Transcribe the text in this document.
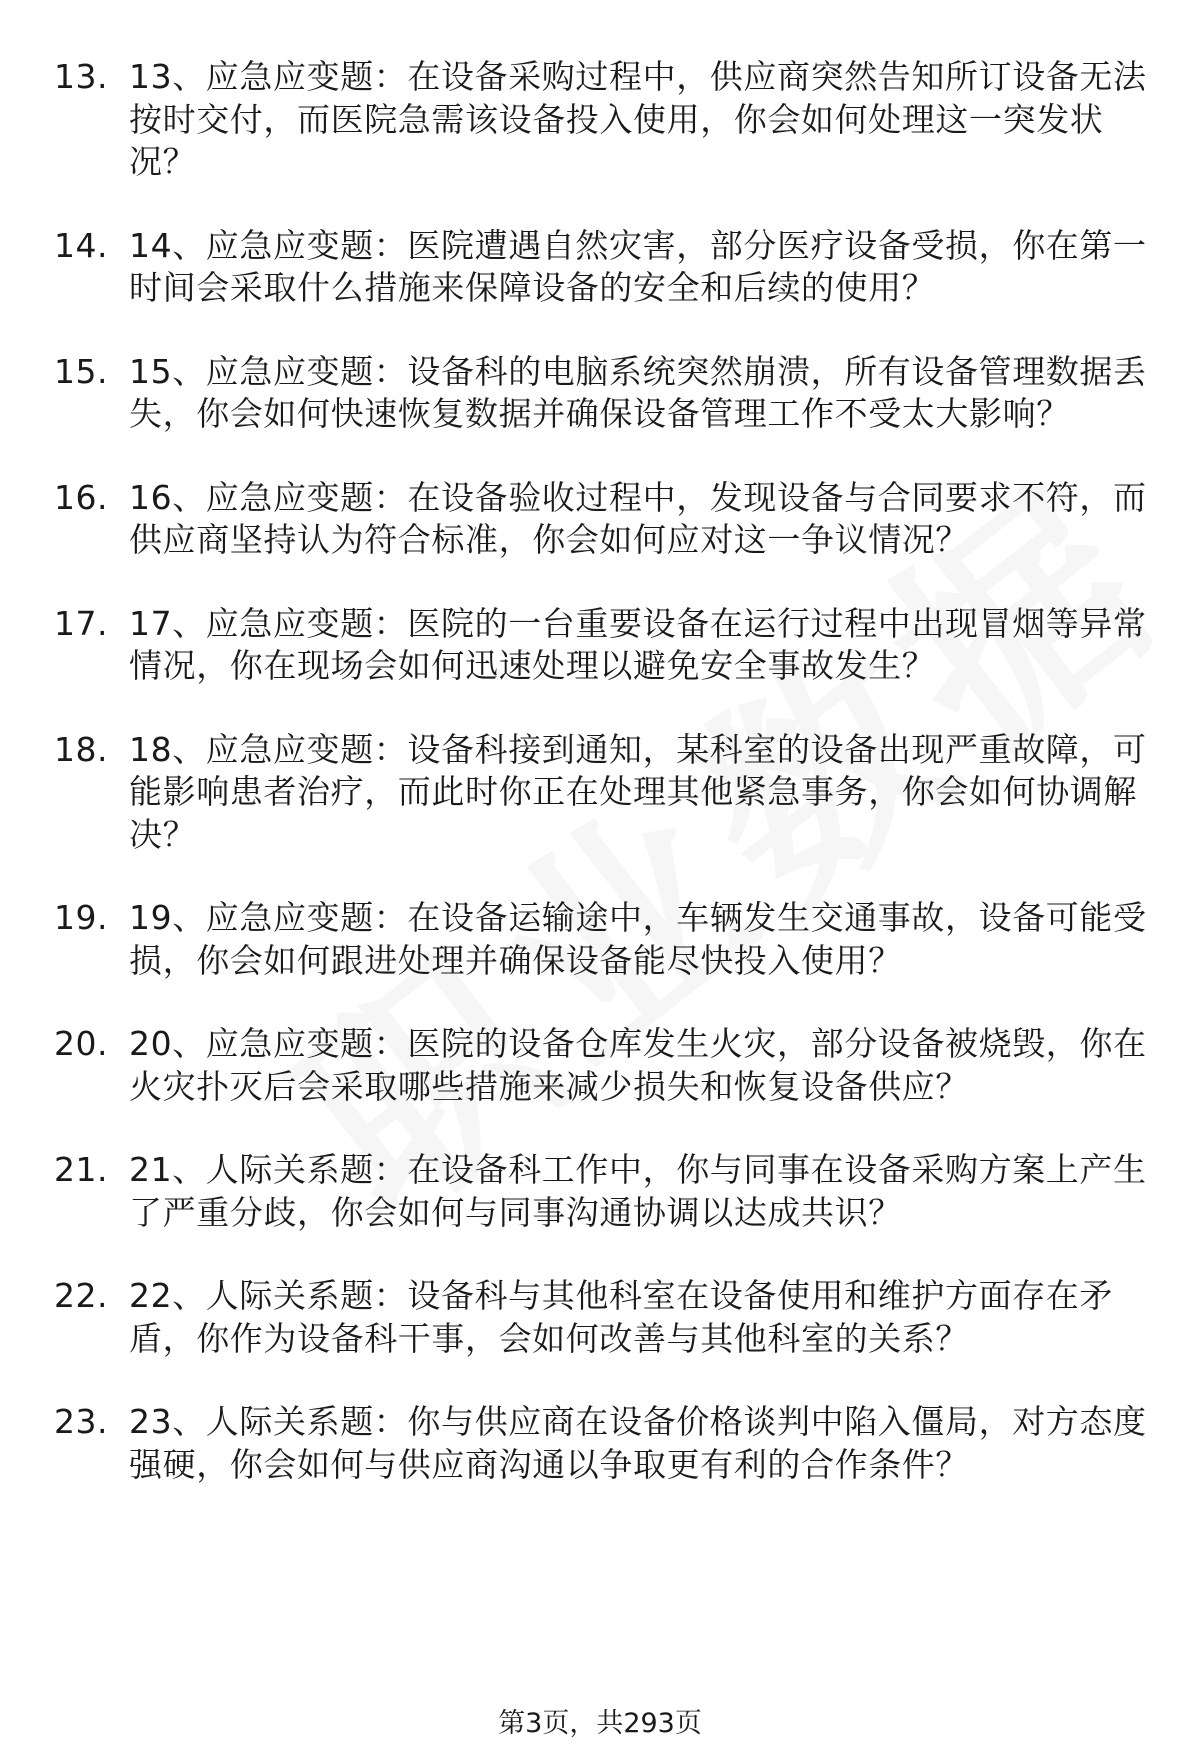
13. 13、应急应变题：在设备采购过程中，供应商突然告知所订设备无法按时交付，而医院急需该设备投入使用，你会如何处理这一突发状况？
14. 14、应急应变题：医院遭遇自然灾害，部分医疗设备受损，你在第一时间会采取什么措施来保障设备的安全和后续的使用？
15. 15、应急应变题：设备科的电脑系统突然崩溃，所有设备管理数据丢失，你会如何快速恢复数据并确保设备管理工作不受太大影响？
16. 16、应急应变题：在设备验收过程中，发现设备与合同要求不符，而供应商坚持认为符合标准，你会如何应对这一争议情况？
17. 17、应急应变题：医院的一台重要设备在运行过程中出现冒烟等异常情况，你在现场会如何迅速处理以避免安全事故发生？
18. 18、应急应变题：设备科接到通知，某科室的设备出现严重故障，可能影响患者治疗，而此时你正在处理其他紧急事务，你会如何协调解决？
19. 19、应急应变题：在设备运输途中，车辆发生交通事故，设备可能受损，你会如何跟进处理并确保设备能尽快投入使用？
20. 20、应急应变题：医院的设备仓库发生火灾，部分设备被烧毁，你在火灾扑灭后会采取哪些措施来减少损失和恢复设备供应？
21. 21、人际关系题：在设备科工作中，你与同事在设备采购方案上产生了严重分歧，你会如何与同事沟通协调以达成共识？
22. 22、人际关系题：设备科与其他科室在设备使用和维护方面存在矛盾，你作为设备科干事，会如何改善与其他科室的关系？
23. 23、人际关系题：你与供应商在设备价格谈判中陷入僵局，对方态度强硬，你会如何与供应商沟通以争取更有利的合作条件？
第3页，共293页
